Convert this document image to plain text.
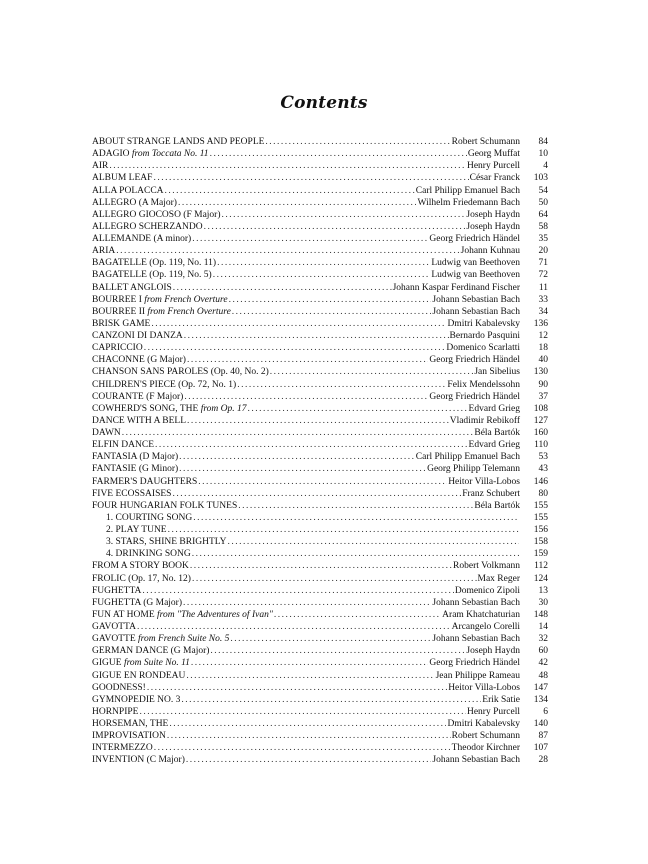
Contents
ABOUT STRANGE LANDS AND PEOPLE .....	Robert Schumann	84
ADAGIO from Toccata No. 11 .....	Georg Muffat	10
AIR .....	Henry Purcell	4
ALBUM LEAF .....	César Franck	103
ALLA POLACCA .....	Carl Philipp Emanuel Bach	54
ALLEGRO (A Major) .....	Wilhelm Friedemann Bach	50
ALLEGRO GIOCOSO (F Major) .....	Joseph Haydn	64
ALLEGRO SCHERZANDO .....	Joseph Haydn	58
ALLEMANDE (A minor) .....	Georg Friedrich Händel	35
ARIA .....	Johann Kuhnau	20
BAGATELLE (Op. 119, No. 11) .....	Ludwig van Beethoven	71
BAGATELLE (Op. 119, No. 5) .....	Ludwig van Beethoven	72
BALLET ANGLOIS .....	Johann Kaspar Ferdinand Fischer	11
BOURREE I from French Overture .....	Johann Sebastian Bach	33
BOURREE II from French Overture .....	Johann Sebastian Bach	34
BRISK GAME .....	Dmitri Kabalevsky	136
CANZONI DI DANZA .....	Bernardo Pasquini	12
CAPRICCIO .....	Domenico Scarlatti	18
CHACONNE (G Major) .....	Georg Friedrich Händel	40
CHANSON SANS PAROLES (Op. 40, No. 2) .....	Jan Sibelius	130
CHILDREN'S PIECE (Op. 72, No. 1) .....	Felix Mendelssohn	90
COURANTE (F Major) .....	Georg Friedrich Händel	37
COWHERD'S SONG, THE from Op. 17 .....	Edvard Grieg	108
DANCE WITH A BELL .....	Vladimir Rebikoff	127
DAWN .....	Béla Bartók	160
ELFIN DANCE .....	Edvard Grieg	110
FANTASIA (D Major) .....	Carl Philipp Emanuel Bach	53
FANTASIE (G Minor) .....	Georg Philipp Telemann	43
FARMER'S DAUGHTERS .....	Heitor Villa-Lobos	146
FIVE ECOSSAISES .....	Franz Schubert	80
FOUR HUNGARIAN FOLK TUNES .....	Béla Bartók	155
1. COURTING SONG .....	155
2. PLAY TUNE .....	156
3. STARS, SHINE BRIGHTLY .....	158
4. DRINKING SONG .....	159
FROM A STORY BOOK .....	Robert Volkmann	112
FROLIC (Op. 17, No. 12) .....	Max Reger	124
FUGHETTA .....	Domenico Zipoli	13
FUGHETTA (G Major) .....	Johann Sebastian Bach	30
FUN AT HOME from "The Adventures of Ivan" .....	Aram Khatchaturian	148
GAVOTTA .....	Arcangelo Corelli	14
GAVOTTE from French Suite No. 5 .....	Johann Sebastian Bach	32
GERMAN DANCE (G Major) .....	Joseph Haydn	60
GIGUE from Suite No. 11 .....	Georg Friedrich Händel	42
GIGUE EN RONDEAU .....	Jean Philippe Rameau	48
GOODNESS! .....	Heitor Villa-Lobos	147
GYMNOPEDIE NO. 3 .....	Erik Satie	134
HORNPIPE .....	Henry Purcell	6
HORSEMAN, THE .....	Dmitri Kabalevsky	140
IMPROVISATION .....	Robert Schumann	87
INTERMEZZO .....	Theodor Kirchner	107
INVENTION (C Major) .....	Johann Sebastian Bach	28
